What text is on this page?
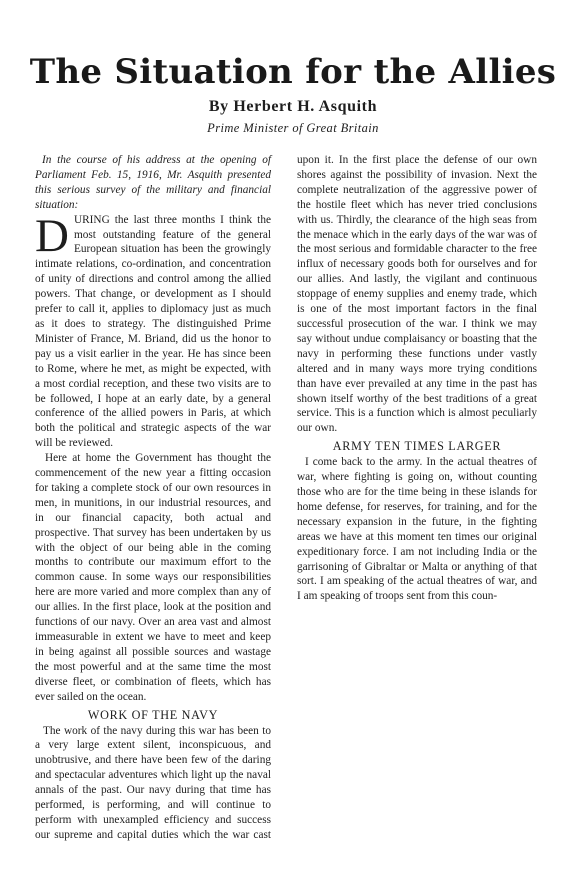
The Situation for the Allies
By Herbert H. Asquith
Prime Minister of Great Britain

In the course of his address at the opening of Parliament Feb. 15, 1916, Mr. Asquith presented this serious survey of the military and financial situation:

DURING the last three months I think the most outstanding feature of the general European situation has been the growingly intimate relations, co-ordination, and concentration of unity of directions and control among the allied powers. That change, or development as I should prefer to call it, applies to diplomacy just as much as it does to strategy. The distinguished Prime Minister of France, M. Briand, did us the honor to pay us a visit earlier in the year. He has since been to Rome, where he met, as might be expected, with a most cordial reception, and these two visits are to be followed, I hope at an early date, by a general conference of the allied powers in Paris, at which both the political and strategic aspects of the war will be reviewed.

Here at home the Government has thought the commencement of the new year a fitting occasion for taking a complete stock of our own resources in men, in munitions, in our industrial resources, and in our financial capacity, both actual and prospective. That survey has been undertaken by us with the object of our being able in the coming months to contribute our maximum effort to the common cause. In some ways our responsibilities here are more varied and more complex than any of our allies. In the first place, look at the position and functions of our navy. Over an area vast and almost immeasurable in extent we have to meet and keep in being against all possible sources and wastage the most powerful and at the same time the most diverse fleet, or combination of fleets, which has ever sailed on the ocean.

WORK OF THE NAVY

The work of the navy during this war has been to a very large extent silent, inconspicuous, and unobtrusive, and there have been few of the daring and spectacular adventures which light up the naval annals of the past. Our navy during that time has performed, is performing, and will continue to perform with unexampled efficiency and success our supreme and capital duties which the war cast

upon it. In the first place the defense of our own shores against the possibility of invasion. Next the complete neutralization of the aggressive power of the hostile fleet which has never tried conclusions with us. Thirdly, the clearance of the high seas from the menace which in the early days of the war was of the most serious and formidable character to the free influx of necessary goods both for ourselves and for our allies. And lastly, the vigilant and continuous stoppage of enemy supplies and enemy trade, which is one of the most important factors in the final successful prosecution of the war. I think we may say without undue complaisancy or boasting that the navy in performing these functions under vastly altered and in many ways more trying conditions than have ever prevailed at any time in the past has shown itself worthy of the best traditions of a great service. This is a function which is almost peculiarly our own.

ARMY TEN TIMES LARGER

I come back to the army. In the actual theatres of war, where fighting is going on, without counting those who are for the time being in these islands for home defense, for reserves, for training, and for the necessary expansion in the future, in the fighting areas we have at this moment ten times our original expeditionary force. I am not including India or the garrisoning of Gibraltar or Malta or anything of that sort. I am speaking of the actual theatres of war, and I am speaking of troops sent from this coun-
